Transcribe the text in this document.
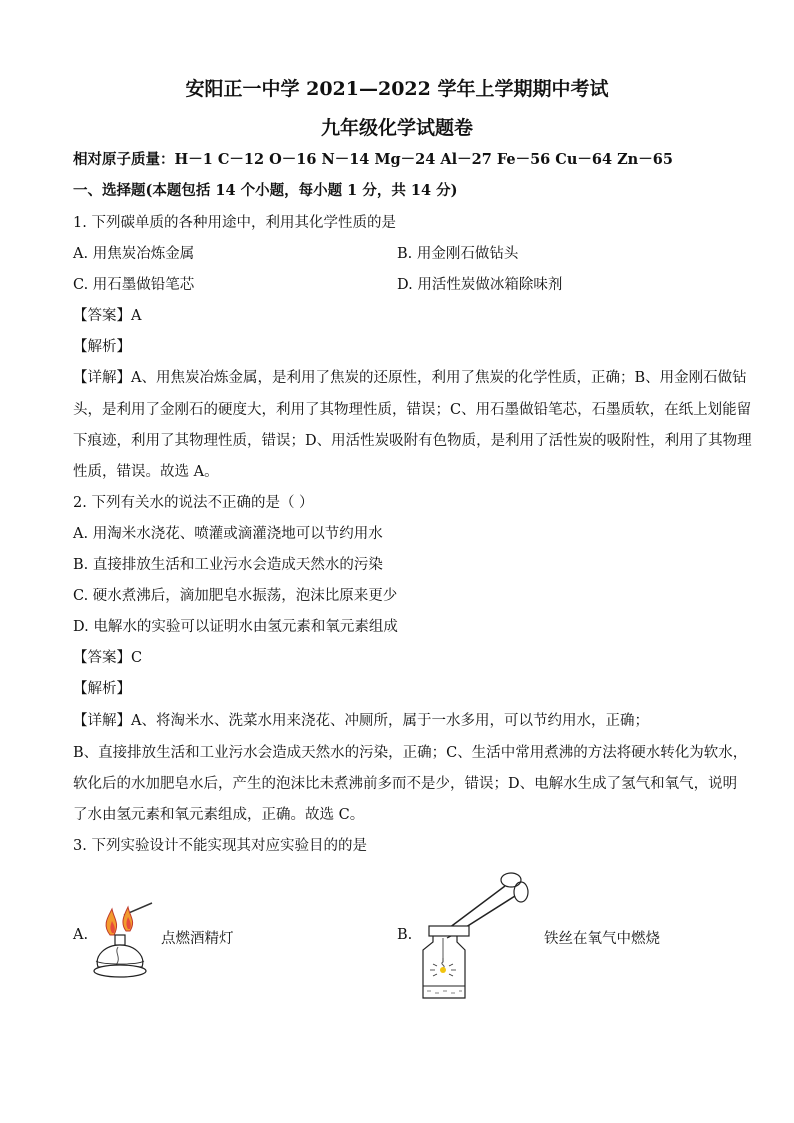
安阳正一中学 2021—2022 学年上学期期中考试
九年级化学试题卷
相对原子质量：H－1 C－12 O－16 N－14 Mg－24 Al－27 Fe－56 Cu－64 Zn－65
一、选择题(本题包括 14 个小题，每小题 1 分，共 14 分)
1. 下列碳单质的各种用途中，利用其化学性质的是
A. 用焦炭冶炼金属	B. 用金刚石做钻头
C. 用石墨做铅笔芯	D. 用活性炭做冰箱除味剂
【答案】A
【解析】
【详解】A、用焦炭冶炼金属，是利用了焦炭的还原性，利用了焦炭的化学性质，正确；B、用金刚石做钻
头，是利用了金刚石的硬度大，利用了其物理性质，错误；C、用石墨做铅笔芯，石墨质软，在纸上划能留
下痕迹，利用了其物理性质，错误；D、用活性炭吸附有色物质，是利用了活性炭的吸附性，利用了其物理
性质，错误。故选 A。
2. 下列有关水的说法不正确的是（ ）
A. 用淘米水浇花、喷灌或滴灌浇地可以节约用水
B. 直接排放生活和工业污水会造成天然水的污染
C. 硬水煮沸后，滴加肥皂水振荡，泡沫比原来更少
D. 电解水的实验可以证明水由氢元素和氧元素组成
【答案】C
【解析】
【详解】A、将淘米水、洗菜水用来浇花、冲厕所，属于一水多用，可以节约用水，正确；
B、直接排放生活和工业污水会造成天然水的污染，正确；C、生活中常用煮沸的方法将硬水转化为软水，
软化后的水加肥皂水后，产生的泡沫比未煮沸前多而不是少，错误；D、电解水生成了氢气和氧气，说明
了水由氢元素和氧元素组成，正确。故选 C。
3. 下列实验设计不能实现其对应实验目的的是
A.	点燃酒精灯	B.	铁丝在氧气中燃烧
